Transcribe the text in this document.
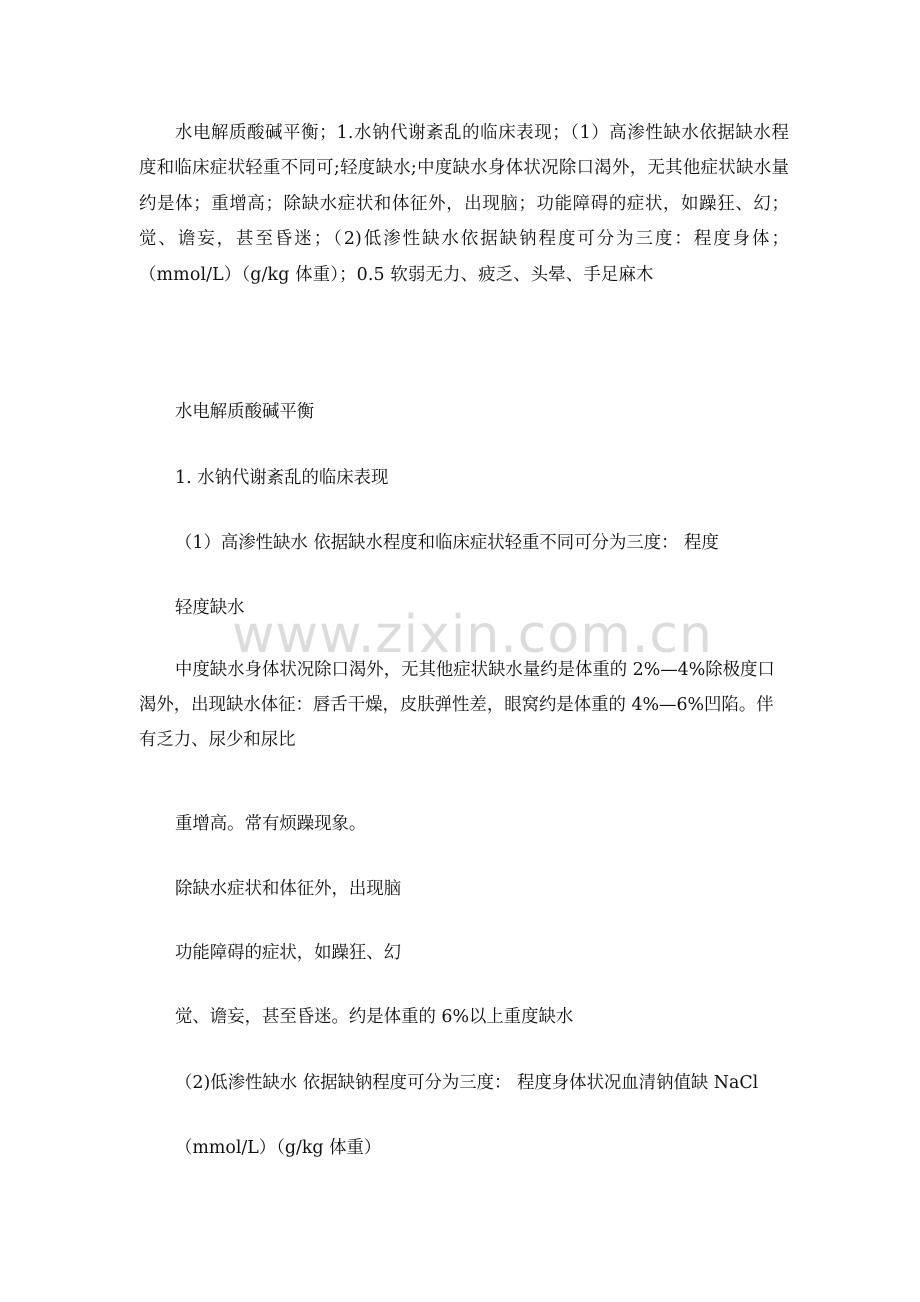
水电解质酸碱平衡；1.水钠代谢紊乱的临床表现；（1）高渗性缺水依据缺水程度和临床症状轻重不同可;轻度缺水;中度缺水身体状况除口渴外，无其他症状缺水量约是体；重增高；除缺水症状和体征外，出现脑；功能障碍的症状，如躁狂、幻；觉、谵妄，甚至昏迷；（2)低渗性缺水依据缺钠程度可分为三度：程度身体；（mmol/L）（g/kg 体重）；0.5 软弱无力、疲乏、头晕、手足麻木

水电解质酸碱平衡

1. 水钠代谢紊乱的临床表现

（1）高渗性缺水 依据缺水程度和临床症状轻重不同可分为三度： 程度

轻度缺水

中度缺水身体状况除口渴外，无其他症状缺水量约是体重的 2%—4%除极度口渴外，出现缺水体征：唇舌干燥，皮肤弹性差，眼窝约是体重的 4%—6%凹陷。伴有乏力、尿少和尿比

重增高。常有烦躁现象。

除缺水症状和体征外，出现脑

功能障碍的症状，如躁狂、幻

觉、谵妄，甚至昏迷。约是体重的 6%以上重度缺水

（2)低渗性缺水 依据缺钠程度可分为三度： 程度身体状况血清钠值缺 NaCl

（mmol/L）（g/kg 体重）

www.zixin.com.cn
